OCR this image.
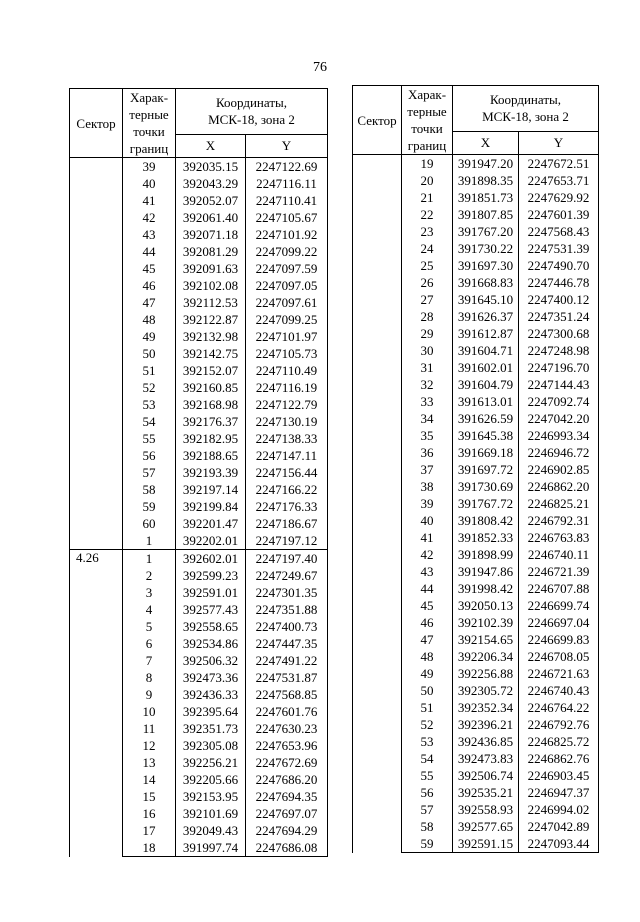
76
Сектор	Харак-
терные
точки
границ	Координаты,
МСК-18, зона 2	
		X	Y
	39	392035.15	2247122.69
	40	392043.29	2247116.11
	41	392052.07	2247110.41
	42	392061.40	2247105.67
	43	392071.18	2247101.92
	44	392081.29	2247099.22
	45	392091.63	2247097.59
	46	392102.08	2247097.05
	47	392112.53	2247097.61
	48	392122.87	2247099.25
	49	392132.98	2247101.97
	50	392142.75	2247105.73
	51	392152.07	2247110.49
	52	392160.85	2247116.19
	53	392168.98	2247122.79
	54	392176.37	2247130.19
	55	392182.95	2247138.33
	56	392188.65	2247147.11
	57	392193.39	2247156.44
	58	392197.14	2247166.22
	59	392199.84	2247176.33
	60	392201.47	2247186.67
	1	392202.01	2247197.12
4.26	1	392602.01	2247197.40
	2	392599.23	2247249.67
	3	392591.01	2247301.35
	4	392577.43	2247351.88
	5	392558.65	2247400.73
	6	392534.86	2247447.35
	7	392506.32	2247491.22
	8	392473.36	2247531.87
	9	392436.33	2247568.85
	10	392395.64	2247601.76
	11	392351.73	2247630.23
	12	392305.08	2247653.96
	13	392256.21	2247672.69
	14	392205.66	2247686.20
	15	392153.95	2247694.35
	16	392101.69	2247697.07
	17	392049.43	2247694.29
	18	391997.74	2247686.08
Сектор	Харак-
терные
точки
границ	Координаты,
МСК-18, зона 2	
		X	Y
	19	391947.20	2247672.51
	20	391898.35	2247653.71
	21	391851.73	2247629.92
	22	391807.85	2247601.39
	23	391767.20	2247568.43
	24	391730.22	2247531.39
	25	391697.30	2247490.70
	26	391668.83	2247446.78
	27	391645.10	2247400.12
	28	391626.37	2247351.24
	29	391612.87	2247300.68
	30	391604.71	2247248.98
	31	391602.01	2247196.70
	32	391604.79	2247144.43
	33	391613.01	2247092.74
	34	391626.59	2247042.20
	35	391645.38	2246993.34
	36	391669.18	2246946.72
	37	391697.72	2246902.85
	38	391730.69	2246862.20
	39	391767.72	2246825.21
	40	391808.42	2246792.31
	41	391852.33	2246763.83
	42	391898.99	2246740.11
	43	391947.86	2246721.39
	44	391998.42	2246707.88
	45	392050.13	2246699.74
	46	392102.39	2246697.04
	47	392154.65	2246699.83
	48	392206.34	2246708.05
	49	392256.88	2246721.63
	50	392305.72	2246740.43
	51	392352.34	2246764.22
	52	392396.21	2246792.76
	53	392436.85	2246825.72
	54	392473.83	2246862.76
	55	392506.74	2246903.45
	56	392535.21	2246947.37
	57	392558.93	2246994.02
	58	392577.65	2247042.89
	59	392591.15	2247093.44
